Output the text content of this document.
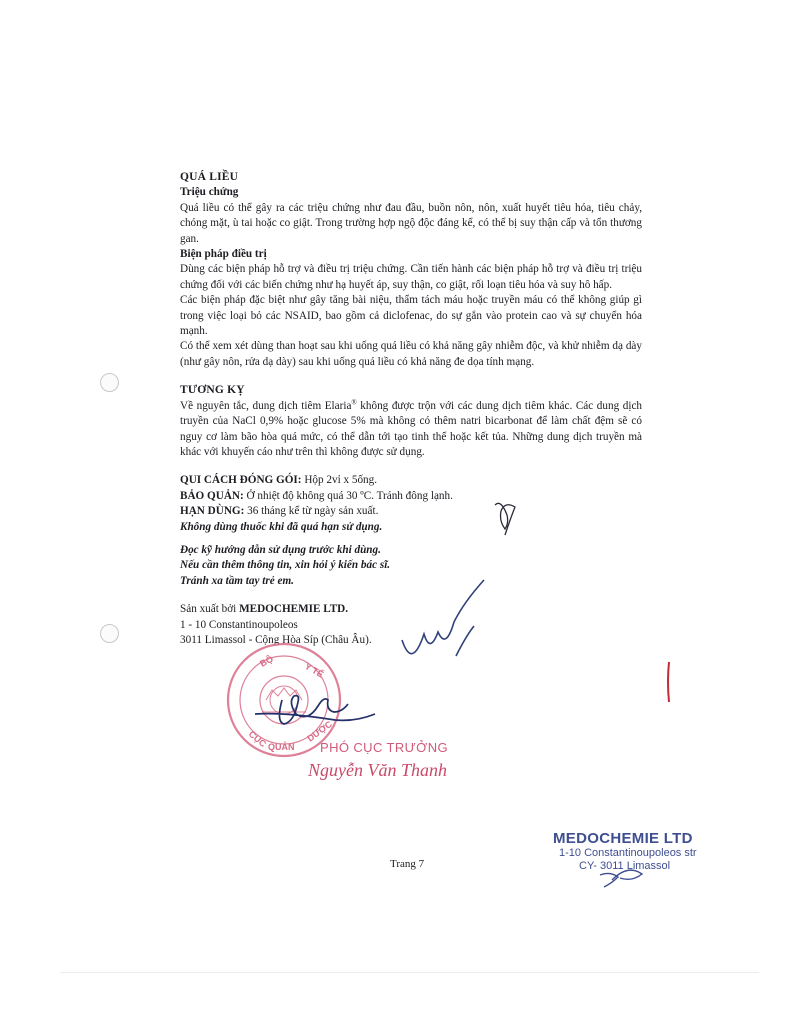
QUÁ LIỀU

Triệu chứng

Quá liều có thể gây ra các triệu chứng như đau đầu, buồn nôn, nôn, xuất huyết tiêu hóa, tiêu chảy, chóng mặt, ù tai hoặc co giật. Trong trường hợp ngộ độc đáng kể, có thể bị suy thận cấp và tổn thương gan.

Biện pháp điều trị

Dùng các biện pháp hỗ trợ và điều trị triệu chứng. Cần tiến hành các biện pháp hỗ trợ và điều trị triệu chứng đối với các biến chứng như hạ huyết áp, suy thận, co giật, rối loạn tiêu hóa và suy hô hấp.

Các biện pháp đặc biệt như gây tăng bài niệu, thẩm tách máu hoặc truyền máu có thể không giúp gì trong việc loại bỏ các NSAID, bao gồm cả diclofenac, do sự gắn vào protein cao và sự chuyển hóa mạnh.

Có thể xem xét dùng than hoạt sau khi uống quá liều có khả năng gây nhiễm độc, và khử nhiễm dạ dày (như gây nôn, rửa dạ dày) sau khi uống quá liều có khả năng đe dọa tính mạng.

TƯƠNG KỴ

Về nguyên tắc, dung dịch tiêm Elaria® không được trộn với các dung dịch tiêm khác. Các dung dịch truyền của NaCl 0,9% hoặc glucose 5% mà không có thêm natri bicarbonat để làm chất đệm sẽ có nguy cơ làm bão hòa quá mức, có thể dẫn tới tạo tinh thể hoặc kết tủa. Những dung dịch truyền mà khác với khuyến cáo như trên thì không được sử dụng.

QUI CÁCH ĐÓNG GÓI: Hộp 2vỉ x 5ống.

BẢO QUẢN: Ở nhiệt độ không quá 30 ºC. Tránh đông lạnh.

HẠN DÙNG: 36 tháng kể từ ngày sản xuất.

Không dùng thuốc khi đã quá hạn sử dụng.

Đọc kỹ hướng dẫn sử dụng trước khi dùng.

Nếu cần thêm thông tin, xin hỏi ý kiến bác sĩ.

Tránh xa tầm tay trẻ em.

Sản xuất bởi MEDOCHEMIE LTD.

1 - 10 Constantinoupoleos

3011 Limassol - Cộng Hòa Síp (Châu Âu).

BỘ	Y TẾ
CỤC QUẢN
DƯỢC
PHÓ CỤC TRƯỞNG
Nguyễn Văn Thanh
MEDOCHEMIE LTD
1-10 Constantinoupoleos str
CY- 3011 Limassol
Trang 7
